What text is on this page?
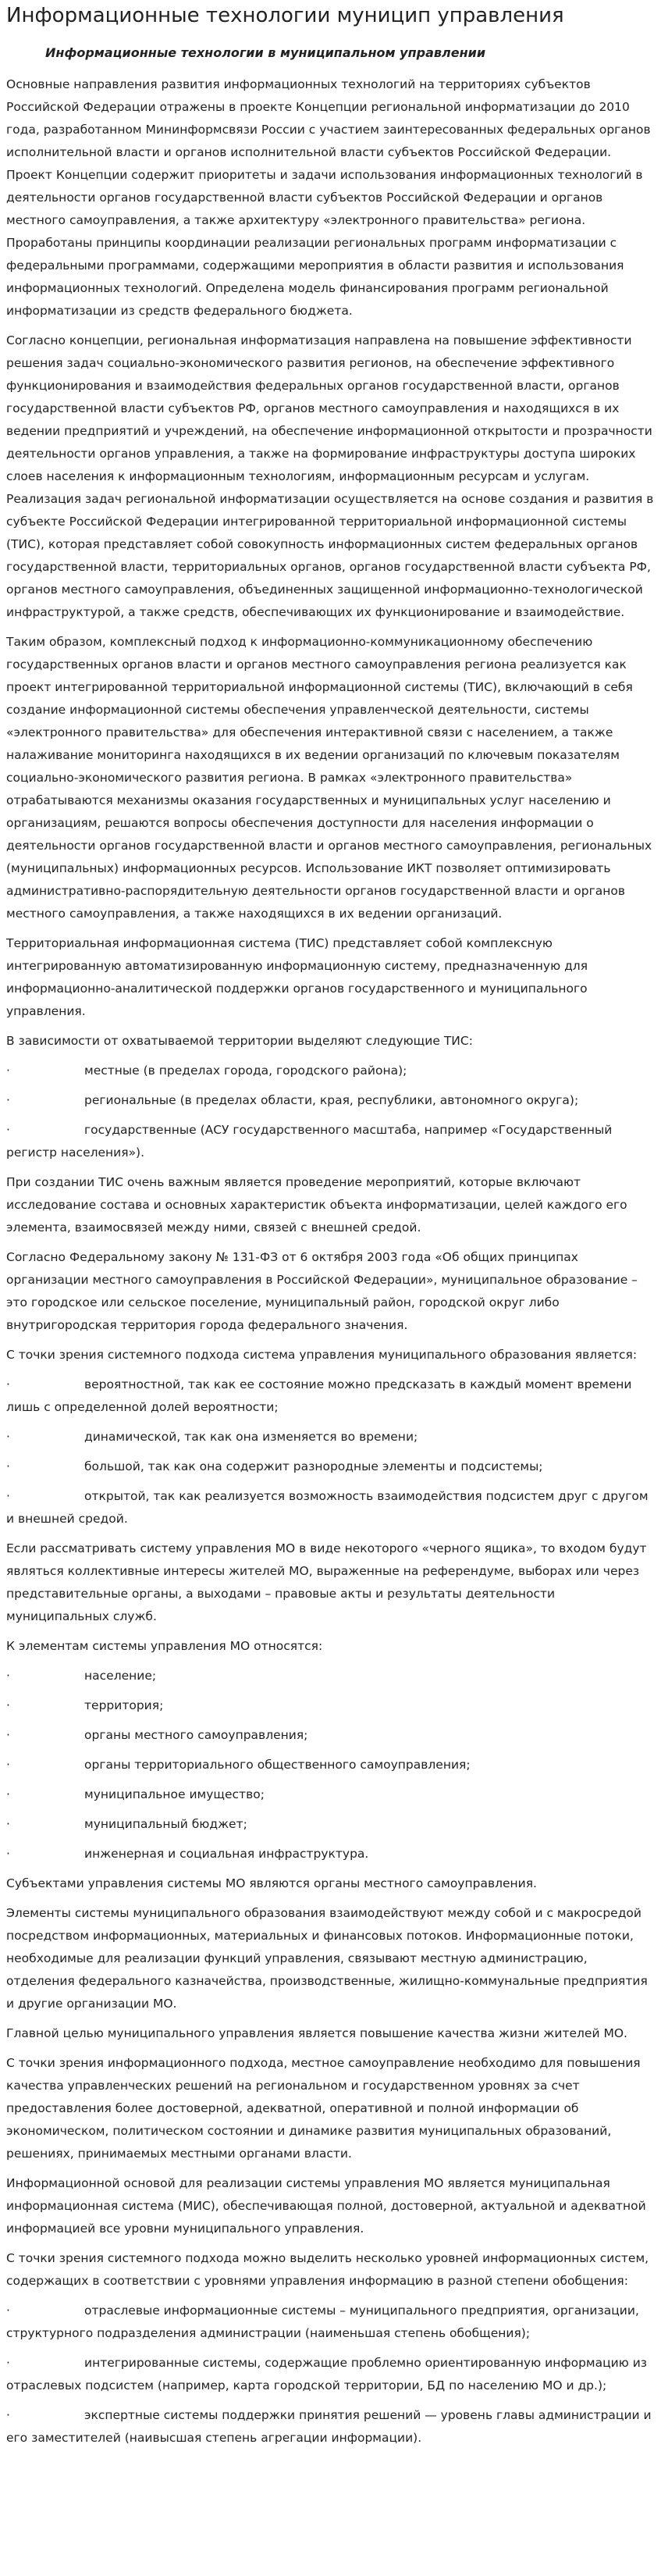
Информационные технологии муницип управления
Информационные технологии в муниципальном управлении

Основные направления развития информационных технологий на территориях субъектов Российской Федерации отражены в проекте Концепции региональной информатизации до 2010 года, разработанном Мининформсвязи России с участием заинтересованных федеральных органов исполнительной власти и органов исполнительной власти субъектов Российской Федерации. Проект Концепции содержит приоритеты и задачи использования информационных технологий в деятельности органов государственной власти субъектов Российской Федерации и органов местного самоуправления, а также архитектуру «электронного правительства» региона. Проработаны принципы координации реализации региональных программ информатизации с федеральными программами, содержащими мероприятия в области развития и использования информационных технологий. Определена модель финансирования программ региональной информатизации из средств федерального бюджета.

Согласно концепции, региональная информатизация направлена на повышение эффективности решения задач социально-экономического развития регионов, на обеспечение эффективного функционирования и взаимодействия федеральных органов государственной власти, органов государственной власти субъектов РФ, органов местного самоуправления и находящихся в их ведении предприятий и учреждений, на обеспечение информационной открытости и прозрачности деятельности органов управления, а также на формирование инфраструктуры доступа широких слоев населения к информационным технологиям, информационным ресурсам и услугам. Реализация задач региональной информатизации осуществляется на основе создания и развития в субъекте Российской Федерации интегрированной территориальной информационной системы (ТИС), которая представляет собой совокупность информационных систем федеральных органов государственной власти, территориальных органов, органов государственной власти субъекта РФ, органов местного самоуправления, объединенных защищенной информационно-технологической инфраструктурой, а также средств, обеспечивающих их функционирование и взаимодействие.

Таким образом, комплексный подход к информационно-коммуникационному обеспечению государственных органов власти и органов местного самоуправления региона реализуется как проект интегрированной территориальной информационной системы (ТИС), включающий в себя создание информационной системы обеспечения управленческой деятельности, системы «электронного правительства» для обеспечения интерактивной связи с населением, а также налаживание мониторинга находящихся в их ведении организаций по ключевым показателям социально-экономического развития региона. В рамках «электронного правительства» отрабатываются механизмы оказания государственных и муниципальных услуг населению и организациям, решаются вопросы обеспечения доступности для населения информации о деятельности органов государственной власти и органов местного самоуправления, региональных (муниципальных) информационных ресурсов. Использование ИКТ позволяет оптимизировать административно-распорядительную деятельности органов государственной власти и органов местного самоуправления, а также находящихся в их ведении организаций.

Территориальная информационная система (ТИС) представляет собой комплексную интегрированную автоматизированную информационную систему, предназначенную для информационно-аналитической поддержки органов государственного и муниципального управления.

В зависимости от охватываемой территории выделяют следующие ТИС:

·	местные (в пределах города, городского района);
·	региональные (в пределах области, края, республики, автономного округа);
·	государственные (АСУ государственного масштаба, например «Государственный регистр населения»).

При создании ТИС очень важным является проведение мероприятий, которые включают исследование состава и основных характеристик объекта информатизации, целей каждого его элемента, взаимосвязей между ними, связей с внешней средой.

Согласно Федеральному закону № 131-ФЗ от 6 октября 2003 года «Об общих принципах организации местного самоуправления в Российской Федерации», муниципальное образование – это городское или сельское поселение, муниципальный район, городской округ либо внутригородская территория города федерального значения.

С точки зрения системного подхода система управления муниципального образования является:

·	вероятностной, так как ее состояние можно предсказать в каждый момент времени лишь с определенной долей вероятности;
·	динамической, так как она изменяется во времени;
·	большой, так как она содержит разнородные элементы и подсистемы;
·	открытой, так как реализуется возможность взаимодействия подсистем друг с другом и внешней средой.

Если рассматривать систему управления МО в виде некоторого «черного ящика», то входом будут являться коллективные интересы жителей МО, выраженные на референдуме, выборах или через представительные органы, а выходами – правовые акты и результаты деятельности муниципальных служб.

К элементам системы управления МО относятся:

·	население;
·	территория;
·	органы местного самоуправления;
·	органы территориального общественного самоуправления;
·	муниципальное имущество;
·	муниципальный бюджет;
·	инженерная и социальная инфраструктура.

Субъектами управления системы МО являются органы местного самоуправления.

Элементы системы муниципального образования взаимодействуют между собой и с макросредой посредством информационных, материальных и финансовых потоков. Информационные потоки, необходимые для реализации функций управления, связывают местную администрацию, отделения федерального казначейства, производственные, жилищно-коммунальные предприятия и другие организации МО.

Главной целью муниципального управления является повышение качества жизни жителей МО.

С точки зрения информационного подхода, местное самоуправление необходимо для повышения качества управленческих решений на региональном и государственном уровнях за счет предоставления более достоверной, адекватной, оперативной и полной информации об экономическом, политическом состоянии и динамике развития муниципальных образований, решениях, принимаемых местными органами власти.

Информационной основой для реализации системы управления МО является муниципальная информационная система (МИС), обеспечивающая полной, достоверной, актуальной и адекватной информацией все уровни муниципального управления.

С точки зрения системного подхода можно выделить несколько уровней информационных систем, содержащих в соответствии с уровнями управления информацию в разной степени обобщения:

·	отраслевые информационные системы – муниципального предприятия, организации, структурного подразделения администрации (наименьшая степень обобщения);
·	интегрированные системы, содержащие проблемно ориентированную информацию из отраслевых подсистем (например, карта городской территории, БД по населению МО и др.);
·	экспертные системы поддержки принятия решений — уровень главы администрации и его заместителей (наивысшая степень агрегации информации).
